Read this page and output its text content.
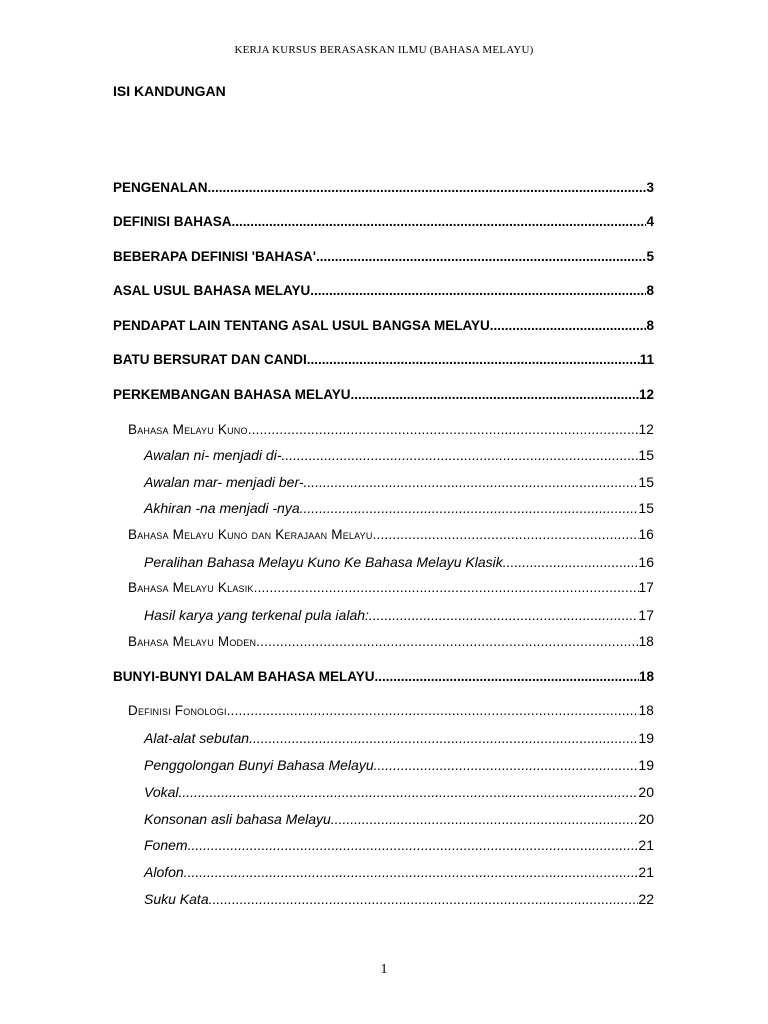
KERJA KURSUS BERASASKAN ILMU (BAHASA MELAYU)
ISI KANDUNGAN
PENGENALAN .....	3
DEFINISI BAHASA .....	4
BEBERAPA DEFINISI 'BAHASA' .....	5
ASAL USUL BAHASA MELAYU .....	8
PENDAPAT LAIN TENTANG ASAL USUL BANGSA MELAYU .....	8
BATU BERSURAT DAN CANDI .....	11
PERKEMBANGAN BAHASA MELAYU .....	12
Bahasa Melayu Kuno .....	12
Awalan ni- menjadi di- .....	15
Awalan mar- menjadi ber- .....	15
Akhiran -na menjadi -nya .....	15
Bahasa Melayu Kuno dan Kerajaan Melayu .....	16
Peralihan Bahasa Melayu Kuno Ke Bahasa Melayu Klasik .....	16
Bahasa Melayu Klasik .....	17
Hasil karya yang terkenal pula ialah: .....	17
Bahasa Melayu Moden .....	18
BUNYI-BUNYI DALAM BAHASA MELAYU .....	18
Definisi Fonologi .....	18
Alat-alat sebutan .....	19
Penggolongan Bunyi Bahasa Melayu .....	19
Vokal .....	20
Konsonan asli bahasa Melayu .....	20
Fonem .....	21
Alofon .....	21
Suku Kata .....	22
1
